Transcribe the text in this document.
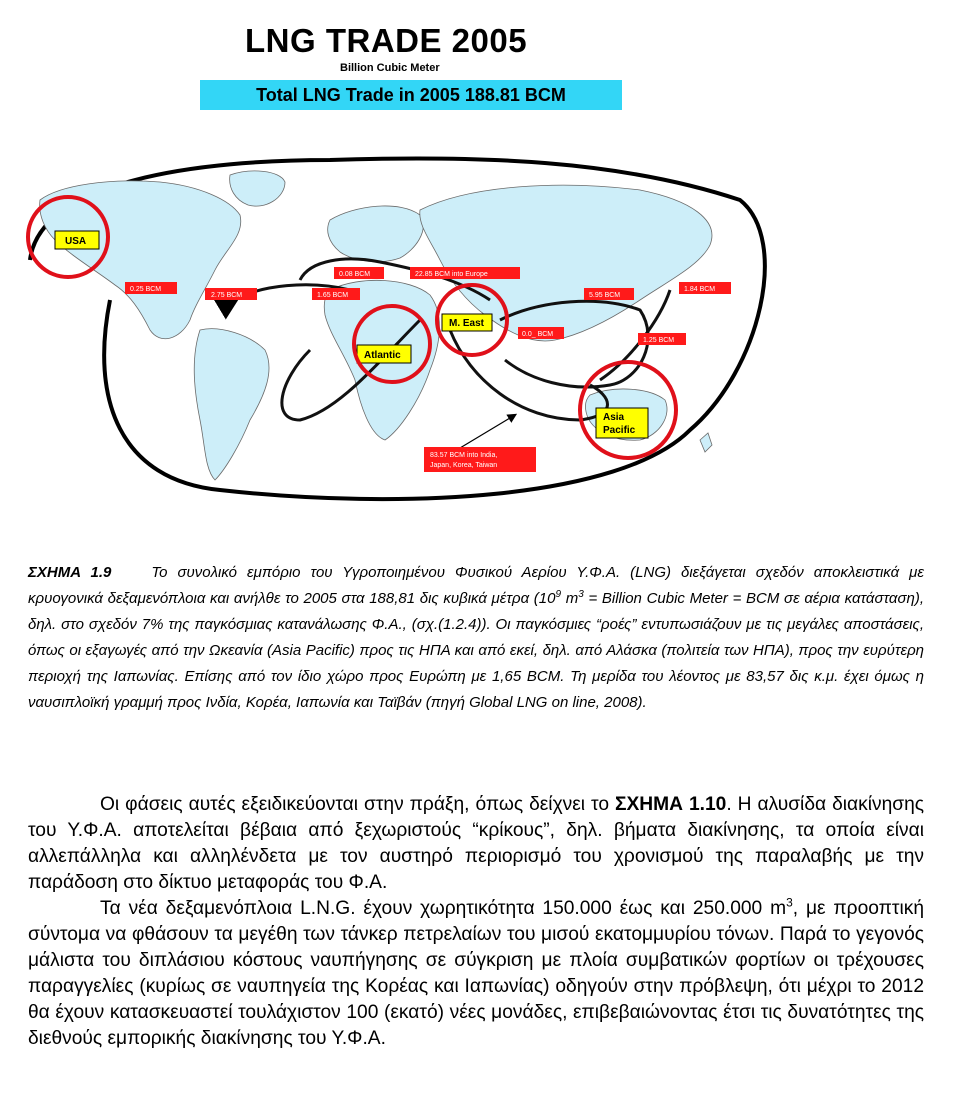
LNG TRADE 2005
Billion Cubic Meter
Total LNG Trade in 2005 188.81 BCM
0.25 BCM
2.75 BCM
0.08 BCM	22.85 BCM into Europe
1.65 BCM	5.95 BCM
1.84 BCM
1.25 BCM
0.0_ BCM
83.57 BCM into India,
Japan, Korea, Taiwan
USA
M. East
Atlantic
Asia
Pacific
ΣΧΗΜΑ 1.9	Το συνολικό εμπόριο του Υγροποιημένου Φυσικού Αερίου Υ.Φ.Α. (LNG) διεξάγεται σχεδόν αποκλειστικά με κρυογονικά δεξαμενόπλοια και ανήλθε το 2005 στα 188,81 δις κυβικά μέτρα ($10^9$ $m^3$ = Billion Cubic Meter = BCM σε αέρια κατάσταση), δηλ. στο σχεδόν 7% της παγκόσμιας κατανάλωσης Φ.Α., (σχ.(1.2.4)). Οι παγκόσμιες “ροές” εντυπωσιάζουν με τις μεγάλες αποστάσεις, όπως οι εξαγωγές από την Ωκεανία (Asia Pacific) προς τις ΗΠΑ και από εκεί, δηλ. από Αλάσκα (πολιτεία των ΗΠΑ), προς την ευρύτερη περιοχή της Ιαπωνίας. Επίσης από τον ίδιο χώρο προς Ευρώπη με 1,65 BCM. Τη μερίδα του λέοντος με 83,57 δις κ.μ. έχει όμως η ναυσιπλοϊκή γραμμή προς Ινδία, Κορέα, Ιαπωνία και Ταϊβάν (πηγή Global LNG on line, 2008).

Οι φάσεις αυτές εξειδικεύονται στην πράξη, όπως δείχνει το ΣΧΗΜΑ 1.10. Η αλυσίδα διακίνησης του Υ.Φ.Α. αποτελείται βέβαια από ξεχωριστούς “κρίκους”, δηλ. βήματα διακίνησης, τα οποία είναι αλλεπάλληλα και αλληλένδετα με τον αυστηρό περιορισμό του χρονισμού της παραλαβής με την παράδοση στο δίκτυο μεταφοράς του Φ.Α.

Τα νέα δεξαμενόπλοια L.N.G. έχουν χωρητικότητα 150.000 έως και 250.000 $m^3$, με προοπτική σύντομα να φθάσουν τα μεγέθη των τάνκερ πετρελαίων του μισού εκατομμυρίου τόνων. Παρά το γεγονός μάλιστα του διπλάσιου κόστους ναυπήγησης σε σύγκριση με πλοία συμβατικών φορτίων οι τρέχουσες παραγγελίες (κυρίως σε ναυπηγεία της Κορέας και Ιαπωνίας) οδηγούν στην πρόβλεψη, ότι μέχρι το 2012 θα έχουν κατασκευαστεί τουλάχιστον 100 (εκατό) νέες μονάδες, επιβεβαιώνοντας έτσι τις δυνατότητες της διεθνούς εμπορικής διακίνησης του Υ.Φ.Α.
